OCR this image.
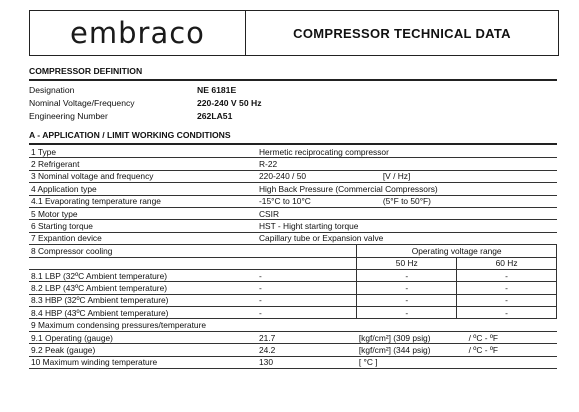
embraco	COMPRESSOR TECHNICAL DATA
COMPRESSOR DEFINITION
Designation	NE 6181E
Nominal Voltage/Frequency	220-240 V 50 Hz
Engineering Number	262LA51
A - APPLICATION / LIMIT WORKING CONDITIONS
1 Type	Hermetic reciprocating compressor		
2 Refrigerant	R-22		
3 Nominal voltage and frequency	220-240 / 50	[V / Hz]	
4 Application type	High Back Pressure (Commercial Compressors)		
4.1 Evaporating temperature range	-15°C to 10°C	(5°F to 50°F)	
5 Motor type	CSIR		
6 Starting torque	HST - Hight starting torque		
7 Expantion device	Capillary tube or Expansion valve		
8 Compressor cooling		Operating voltage range	
		50 Hz	60 Hz
8.1 LBP (32ºC Ambient temperature)	-	-	-
8.2 LBP (43ºC Ambient temperature)	-	-	-
8.3 HBP (32ºC Ambient temperature)	-	-	-
8.4 HBP (43ºC Ambient temperature)	-	-	-
9 Maximum condensing pressures/temperature			
9.1 Operating (gauge)	21.7	[kgf/cm²] (309 psig)	/ ºC - ºF
9.2 Peak (gauge)	24.2	[kgf/cm²] (344 psig)	/ ºC - ºF
10 Maximum winding temperature	130	[ °C ]	
